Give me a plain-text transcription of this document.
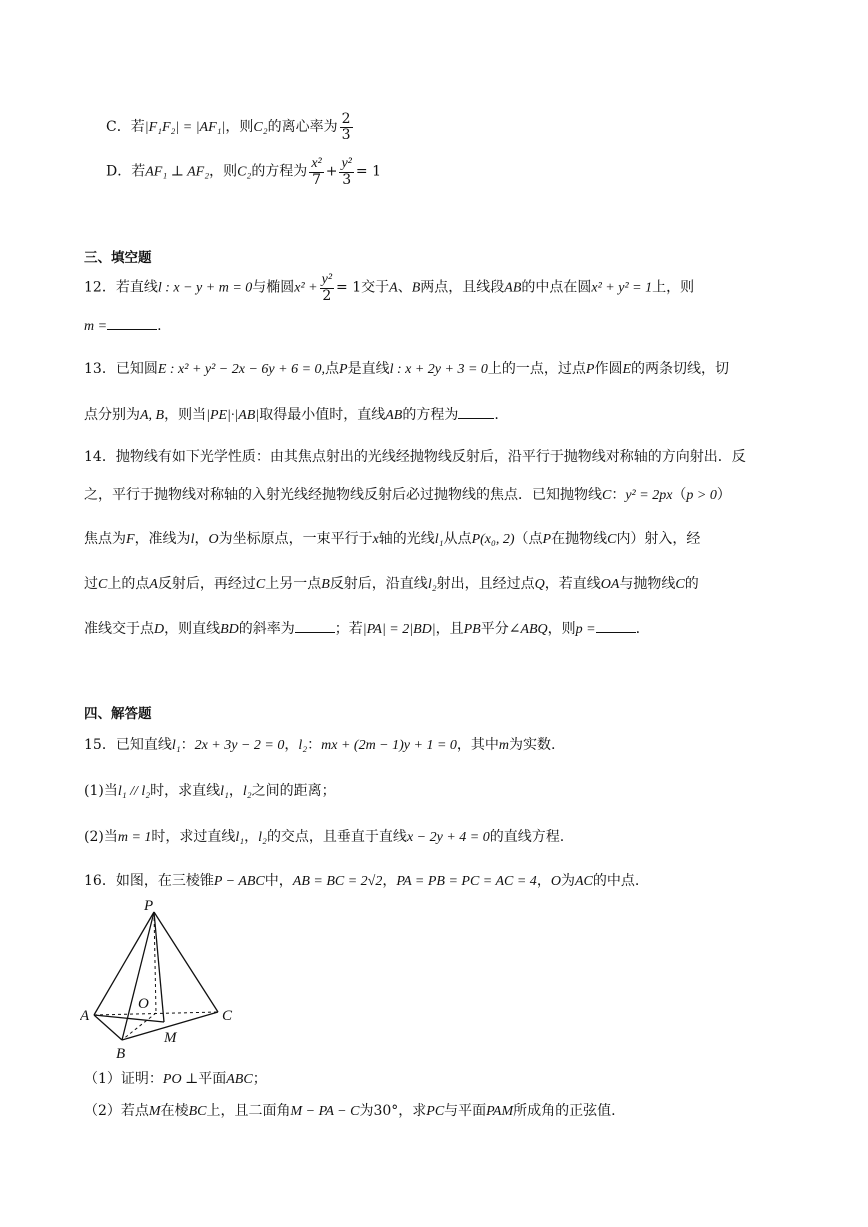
C．若|F₁F₂| = |AF₁|，则C₂的离心率为 $\frac{2}{3}$
D．若AF₁ ⊥ AF₂，则C₂的方程为 $\frac{\text{x²}}{7} + \frac{\text{y²}}{3} = 1$
三、填空题
12．若直线l : x − y + m = 0与椭圆$x^2 + \frac{\text{y²}}{2} = 1$交于A、B两点，且线段AB的中点在圆x² + y² = 1上，则
m =	.
13．已知圆E : x² + y² − 2x − 6y + 6 = 0,点P是直线l : x + 2y + 3 = 0上的一点，过点P作圆E的两条切线，切
点分别为A, B，则当|PE|·|AB|取得最小值时，直线AB的方程为	.
14．抛物线有如下光学性质：由其焦点射出的光线经抛物线反射后，沿平行于抛物线对称轴的方向射出．反
之，平行于抛物线对称轴的入射光线经抛物线反射后必过抛物线的焦点．已知抛物线C：y² = 2px（p > 0）
焦点为F，准线为l，O为坐标原点，一束平行于x轴的光线l₁从点P(x₀, 2)（点P在抛物线C内）射入，经
过C上的点A反射后，再经过C上另一点B反射后，沿直线l₂射出，且经过点Q，若直线OA与抛物线C的
准线交于点D，则直线BD的斜率为	；若|PA| = 2|BD|，且PB平分∠ABQ，则p =	.
四、解答题
15．已知直线l₁：2x + 3y − 2 = 0，l₂：mx + (2m − 1)y + 1 = 0，其中m为实数.
(1)当l₁ // l₂时，求直线l₁，l₂之间的距离；
(2)当m = 1时，求过直线l₁，l₂的交点，且垂直于直线x − 2y + 4 = 0的直线方程.
16．如图，在三棱锥P − ABC中，AB = BC = 2√2，PA = PB = PC = AC = 4，O为AC的中点.
P
O
A	C
B
M
（1）证明：PO ⊥平面ABC；
（2）若点M在棱BC上，且二面角M − PA − C为30°，求PC与平面PAM所成角的正弦值.
